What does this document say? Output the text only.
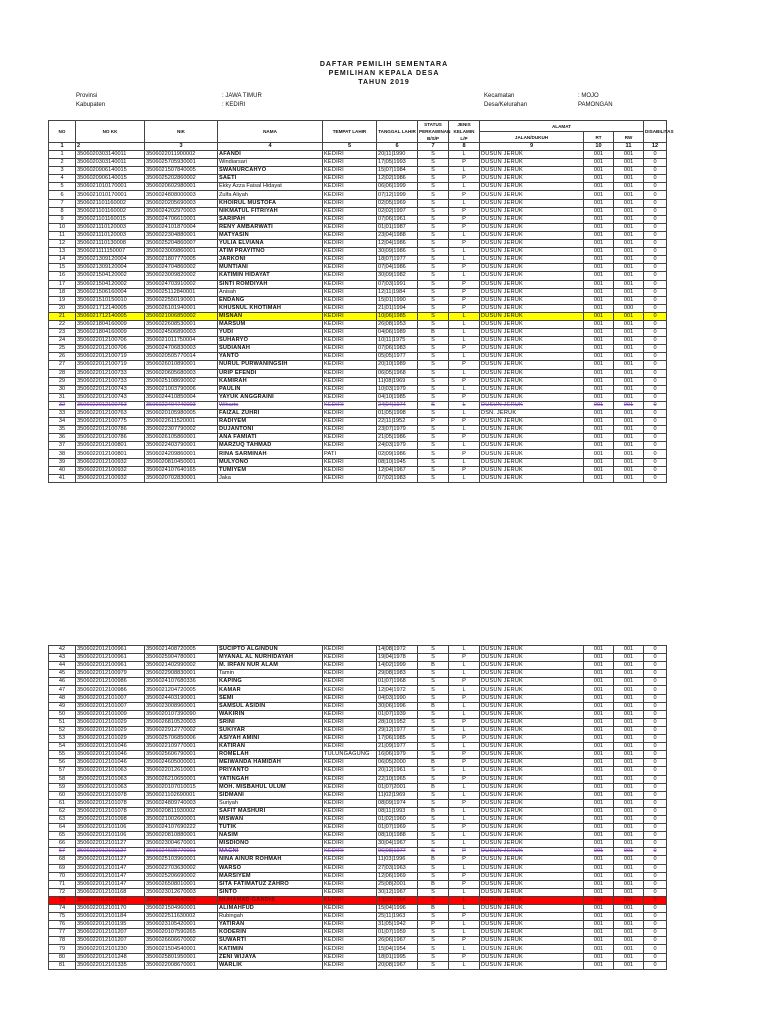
DAFTAR PEMILIH SEMENTARA
PEMILIHAN KEPALA DESA
TAHUN 2019
Provinsi	: JAWA TIMUR
Kabupaten	: KEDIRI
Kecamatan	: MOJO
Desa/Kelurahan	PAMONGAN
NO	NO KK	NIK	NAMA	TEMPAT LAHIR	TANGGAL LAHIR	STATUS PERKAWINAN B/S/P	JENIS KELAMIN L/P	ALAMAT			DISABILITAS
								JALAN/DUKUH	RT	RW	
1	2	3	4	5	6	7	8	9	10	11	12
1	3506020303140011	3506022011900002	AFANDI	KEDIRI	20|11|1990	S	L	DUSUN JERUK	001	001	0
2	3506020303140011	3506025705930001	Windiarsari	KEDIRI	17|05|1993	S	P	DUSUN JERUK	001	001	0
3	3506020906140015	3506021507840005	SWANURCAHYO	KEDIRI	15|07|1984	S	L	DUSUN JERUK	001	001	0
4	3506020906140015	3506025202860002	SAETI	KEDIRI	12|02|1986	S	P	DUSUN JERUK	001	001	0
5	3506021010170001	3506020602980001	Ekky Azza Faisal Hidayat	KEDIRI	06|06|1999	S	L	DUSUN JERUK	001	001	0
6	3506021010170001	3506024808000003	Zulfa Aliyah	KEDIRI	07|12|1999	S	P	DUSUN JERUK	001	001	0
7	3506021101160002	3506020205690003	KHOIRUL MUSTOFA	KEDIRI	02|05|1969	S	L	DUSUN JERUK	001	001	0
8	3506021101160002	3506024202970003	NIKMATUL FITRIYAH	KEDIRI	02|02|1997	S	P	DUSUN JERUK	001	001	0
9	3506021101160015	3506024706610001	SARIPAH	KEDIRI	07|06|1961	S	P	DUSUN JERUK	001	001	0
10	3506021110120003	3506024101870004	RENY AMBARWATI	KEDIRI	01|01|1987	S	P	DUSUN JERUK	001	001	0
11	3506021110120003	3506022304880001	MATYASIN	KEDIRI	23|04|1988	S	L	DUSUN JERUK	001	001	0
12	3506021110130008	3506025204860007	YULIA ELVIANA	KEDIRI	12|04|1986	S	P	DUSUN JERUK	001	001	0
13	3506021111150007	3506023009860001	ATIM PRAYITNO	KEDIRI	30|09|1986	S	L	DUSUN JERUK	001	001	0
14	3506021309120004	3506021807770005	JARKONI	KEDIRI	18|07|1977	S	L	DUSUN JERUK	001	001	0
15	3506021309120004	3506024704860002	MUNTIANI	KEDIRI	07|04|1986	S	P	DUSUN JERUK	001	001	0
16	3506021504120002	3506023009820002	KATIMIN HIDAYAT	KEDIRI	30|09|1982	S	L	DUSUN JERUK	001	001	0
17	3506021504120002	3506024703910002	SINTI ROMDIYAH	KEDIRI	07|03|1991	S	P	DUSUN JERUK	001	001	0
18	3506021506160004	3506025112840001	Anisah	KEDIRI	12|11|1984	S	P	DUSUN JERUK	001	001	0
19	3506021510150010	3506022550190001	ENDANG	KEDIRI	15|01|1990	S	P	DUSUN JERUK	001	001	0
20	3506021712140005	3506026101940001	KHUSNUL KHOTIMAH	KEDIRI	21|01|1994	S	P	DUSUN JERUK	001	000	0
21	3506021712140005	3506021006850002	MISNAN	KEDIRI	10|06|1985	S	L	DUSUN JERUK	001	001	0
22	3506021804160009	3506022608530001	MARSUM	KEDIRI	26|08|1953	S	L	DUSUN JERUK	001	001	0
23	3506021804160009	3506024506890003	YUDI	KEDIRI	04|06|1989	B	L	DUSUN JERUK	001	001	0
24	3506022012100706	3506021011750004	SUHARYO	KEDIRI	10|11|1975	S	L	DUSUN JERUK	001	001	0
25	3506022012100706	3506024706830003	SUDIANAH	KEDIRI	07|06|1983	S	P	DUSUN JERUK	001	001	0
26	3506022012100719	3506020505770014	YANTO	KEDIRI	05|05|1977	S	L	DUSUN JERUK	001	001	0
27	3506022012100719	3506026010890001	NURUL PURWANINGSIH	KEDIRI	20|10|1989	S	P	DUSUN JERUK	001	001	0
28	3506022012100733	3506020605680003	URIP EFENDI	KEDIRI	06|05|1968	S	L	DUSUN JERUK	001	001	0
29	3506022012100733	3506025108690002	KAMIRAH	KEDIRI	11|08|1969	S	P	DUSUN JERUK	001	001	0
30	3506022012100743	3506021003790006	PAULIN	KEDIRI	10|03|1979	S	L	DUSUN JERUK	001	001	0
31	3506022012100743	3506024410850004	YAYUK ANGGRAINI	KEDIRI	04|10|1985	S	P	DUSUN JERUK	001	001	0
32	3506022012100763	3506022404740003	Wiharto	KEDIRI	24|04|1974	S	L	DUSUN JERUK	001	001	0
33	3506022012100763	3506020105980005	FAIZAL ZUHRI	KEDIRI	01|05|1998	S	L	DSN. JERUK	001	001	0
34	3506022012100775	3506022611520001	RADIYEM	KEDIRI	22|11|1952	P	P	DUSUN JERUK	001	001	0
35	3506022012100786	3506022307790002	DUJANTONI	KEDIRI	23|07|1979	S	L	DUSUN JERUK	001	001	0
36	3506022012100786	3506026105860001	ANA FAMIATI	KEDIRI	21|05|1986	S	P	DUSUN JERUK	001	001	0
37	3506022012100801	3506022403790001	MARZUQ TAHMAD	KEDIRI	24|03|1979	S	L	DUSUN JERUK	001	001	0
38	3506022012100801	3506024209860001	RINA SARMINAH	PATI	02|09|1986	S	P	DUSUN JERUK	001	001	0
39	3506022012100932	3506020810450001	MULYONO	KEDIRI	08|10|1945	S	L	DUSUN JERUK	001	001	0
40	3506022012100932	3506024107640165	TUMIYEM	KEDIRI	12|04|1967	S	P	DUSUN JERUK	001	001	0
41	3506022012100932	3506020702830001	Jaka	KEDIRI	07|02|1983	S	L	DUSUN JERUK	001	001	0
42	3506022012100961	3506021408720005	SUCIPTO ALGINDUN	KEDIRI	14|08|1972	S	L	DUSUN JERUK	001	001	0
43	3506022012100961	3506025904780001	MYANAL AL NURHIDAYAH	KEDIRI	19|04|1978	S	P	DUSUN JERUK	001	001	0
44	3506022012100961	3506021402990002	M. IRFAN NUR ALAM	KEDIRI	14|02|1999	B	L	DUSUN JERUK	001	001	0
45	3506022012100979	3506022908830001	Tamin	KEDIRI	29|08|1983	S	L	DUSUN JERUK	001	001	0
46	3506022012100986	3506024107680336	KAPING	KEDIRI	01|07|1968	S	P	DUSUN JERUK	001	001	0
47	3506022012100986	3506021204720005	KAMAR	KEDIRI	12|04|1972	S	L	DUSUN JERUK	001	001	0
48	3506022012101007	3506024403190001	SEMI	KEDIRI	04|03|1990	S	P	DUSUN JERUK	001	001	0
49	3506022012101007	3506023008960001	SAMSUL ASIDIN	KEDIRI	30|06|1996	B	L	DUSUN JERUK	001	001	0
50	3506022012101009	3506020107390090	WAKIRIN	KEDIRI	01|07|1939	S	L	DUSUN JERUK	001	001	0
51	3506022012101029	3506026810520003	SRINI	KEDIRI	28|10|1952	S	P	DUSUN JERUK	001	001	0
52	3506022012101029	3506022912770002	SUKIYAR	KEDIRI	29|12|1977	S	L	DUSUN JERUK	001	001	0
53	3506022012101029	3506025706850006	ASIYAH AMINI	KEDIRI	17|06|1985	S	P	DUSUN JERUK	001	001	0
54	3506022012101046	3506022109770001	KATIRAN	KEDIRI	21|09|1977	S	L	DUSUN JERUK	001	001	0
55	3506022012101046	3506025606790001	ROMELAH	TULUNGAGUNG	16|06|1979	S	P	DUSUN JERUK	001	001	0
56	3506022012101046	3506024605000001	MEIWANDA HAMIDAH	KEDIRI	06|05|2000	B	P	DUSUN JERUK	001	001	0
57	3506022012101063	3506022012610001	PRIYANTO	KEDIRI	20|12|1961	S	L	DUSUN JERUK	001	001	0
58	3506022012101063	3506026210650001	YATINGAH	KEDIRI	22|10|1965	S	P	DUSUN JERUK	001	001	0
59	3506022012101063	3506020107010015	MOH. MISBAHUL ULUM	KEDIRI	01|07|2001	B	L	DUSUN JERUK	001	001	0
60	3506022012101078	3506021102690001	SIDMANI	KEDIRI	11|02|1969	S	L	DUSUN JERUK	001	001	0
61	3506022012101078	3506024809740003	Suriyah	KEDIRI	08|09|1974	S	P	DUSUN JERUK	001	001	0
62	3506022012101078	3506020811930002	SAFIT MASHURI	KEDIRI	08|11|1993	B	L	DUSUN JERUK	001	001	0
63	3506022012101098	3506021002600001	MISWAN	KEDIRI	01|02|1960	S	L	DUSUN JERUK	001	001	0
64	3506022012101106	3506024107690222	TUTIK	KEDIRI	01|07|1969	S	P	DUSUN JERUK	001	001	0
65	3506022012101106	3506020810880001	NASIM	KEDIRI	08|10|1988	S	L	DUSUN JERUK	001	001	0
66	3506022012101127	3506023004670001	MISDIONO	KEDIRI	30|04|1967	S	L	DUSUN JERUK	001	001	0
67	3506022012101127	3506024608770001	MAGNI	KEDIRI	06|08|1977	S	P	DUSUN JERUK	001	001	0
68	3506022012101127	3506025103960001	NINA AINUR ROHMAH	KEDIRI	11|03|1996	B	P	DUSUN JERUK	001	001	0
69	3506022012101147	3506022703630002	WARSO	KEDIRI	27|03|1963	S	L	DUSUN JERUK	001	001	0
70	3506022012101147	3506025206690002	MARSIYEM	KEDIRI	12|06|1969	S	P	DUSUN JERUK	001	001	0
71	3506022012101147	3506026508010001	SITA FATIMATUZ ZAHRO	KEDIRI	25|08|2001	B	P	DUSUN JERUK	001	001	0
72	3506022012101168	3506023012670003	SINTO	KEDIRI	30|12|1967	S	L	DUSUN JERUK	001	001	0
73	3506022012101170	3506021909640003	MUHAMAD GANDHI	KEDIRI	19|09|1964	S	L	DUSUN JERUK	001	001	0
74	3506022012101170	3506021504960001	ALIMAHFUD	KEDIRI	15|04|1996	B	L	DUSUN JERUK	001	001	0
75	3506022012101184	3506022511630002	Rubingah	KEDIRI	25|11|1963	S	P	DUSUN JERUK	001	001	0
76	3506022012101195	3506023105420001	YATIRAN	KEDIRI	31|05|1942	P	L	DUSUN JERUK	001	001	0
77	3506022012101207	3506020107590265	KODERIN	KEDIRI	01|07|1959	S	L	DUSUN JERUK	001	001	0
78	3506022012101207	3506026606670002	SUWARTI	KEDIRI	26|06|1967	S	P	DUSUN JERUK	001	001	0
79	3506022012101230	3506021504540001	KATIMIN	KEDIRI	15|04|1954	S	L	DUSUN JERUK	001	001	0
80	3506022012101248	3506025801950001	ZENI WIJAYA	KEDIRI	18|01|1995	S	P	DUSUN JERUK	001	001	0
81	3506022012101335	3506022008670001	WARLIK	KEDIRI	20|08|1967	S	L	DUSUN JERUK	001	001	0
